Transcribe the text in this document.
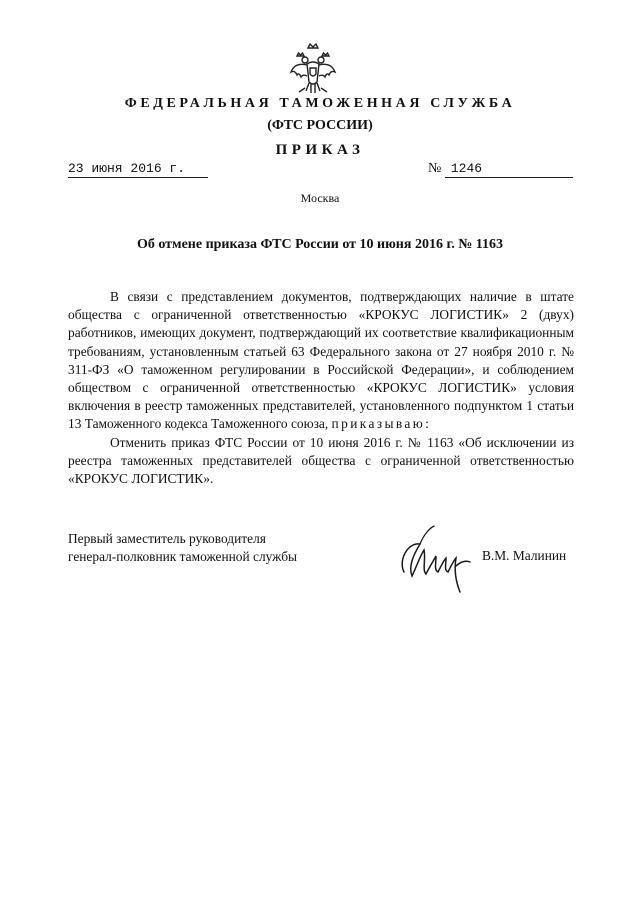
ФЕДЕРАЛЬНАЯ ТАМОЖЕННАЯ СЛУЖБА
(ФТС РОССИИ)
ПРИКАЗ
23 июня 2016 г.	№ 1246
Москва
Об отмене приказа ФТС России от 10 июня 2016 г. № 1163

В связи с представлением документов, подтверждающих наличие в штате общества с ограниченной ответственностью «КРОКУС ЛОГИСТИК» 2 (двух) работников, имеющих документ, подтверждающий их соответствие квалификационным требованиям, установленным статьей 63 Федерального закона от 27 ноября 2010 г. № 311-ФЗ «О таможенном регулировании в Российской Федерации», и соблюдением обществом с ограниченной ответственностью «КРОКУС ЛОГИСТИК» условия включения в реестр таможенных представителей, установленного подпунктом 1 статьи 13 Таможенного кодекса Таможенного союза, приказываю:

Отменить приказ ФТС России от 10 июня 2016 г. № 1163 «Об исключении из реестра таможенных представителей общества с ограниченной ответственностью «КРОКУС ЛОГИСТИК».

Первый заместитель руководителя
генерал-полковник таможенной службы	В.М. Малинин
